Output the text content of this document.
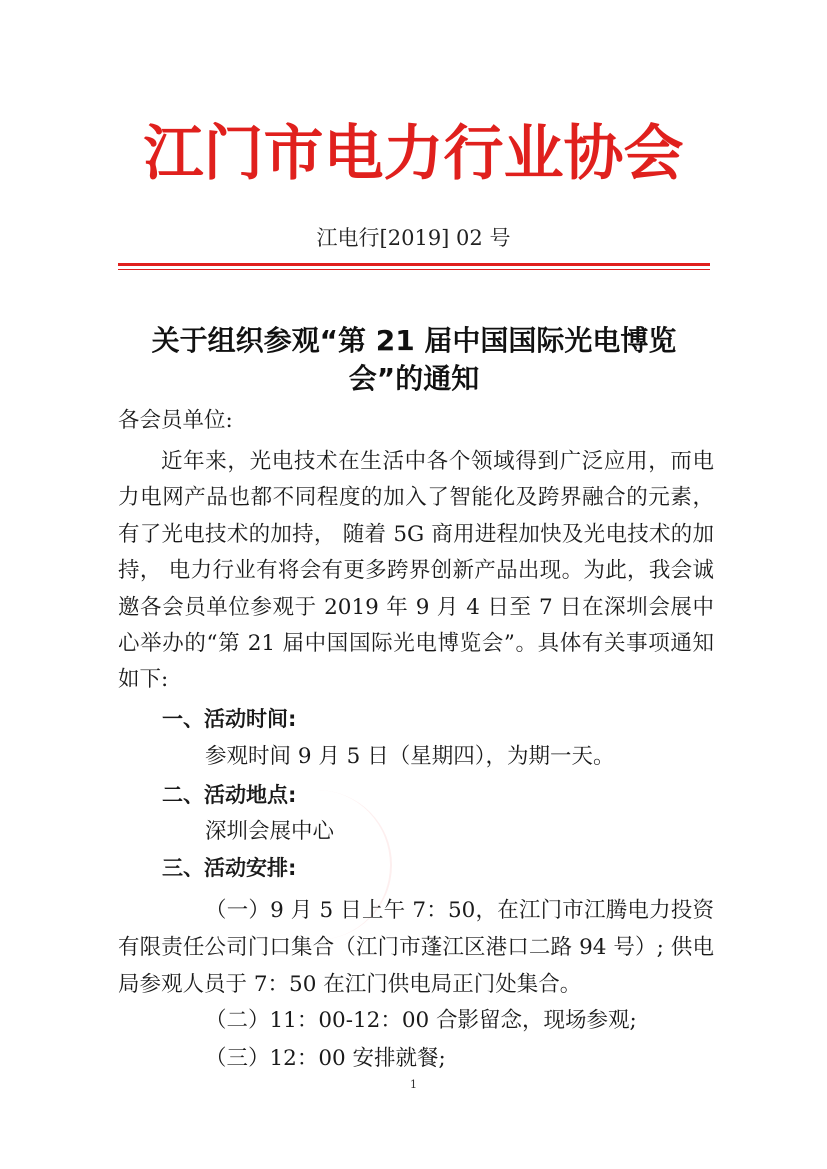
江门市电力行业协会
江电行[2019] 02 号
关于组织参观“第 21 届中国国际光电博览会”的通知
各会员单位:
近年来，光电技术在生活中各个领域得到广泛应用，而电力电网产品也都不同程度的加入了智能化及跨界融合的元素，有了光电技术的加持， 随着 5G 商用进程加快及光电技术的加持， 电力行业有将会有更多跨界创新产品出现。为此，我会诚邀各会员单位参观于 2019 年 9 月 4 日至 7 日在深圳会展中心举办的“第 21 届中国国际光电博览会”。具体有关事项通知如下:
一、活动时间:
参观时间 9 月 5 日（星期四），为期一天。
二、活动地点:
深圳会展中心
三、活动安排:
（一）9 月 5 日上午 7：50，在江门市江腾电力投资有限责任公司门口集合（江门市蓬江区港口二路 94 号）; 供电局参观人员于 7：50 在江门供电局正门处集合。
（二）11：00-12：00 合影留念，现场参观;
（三）12：00 安排就餐;
1
